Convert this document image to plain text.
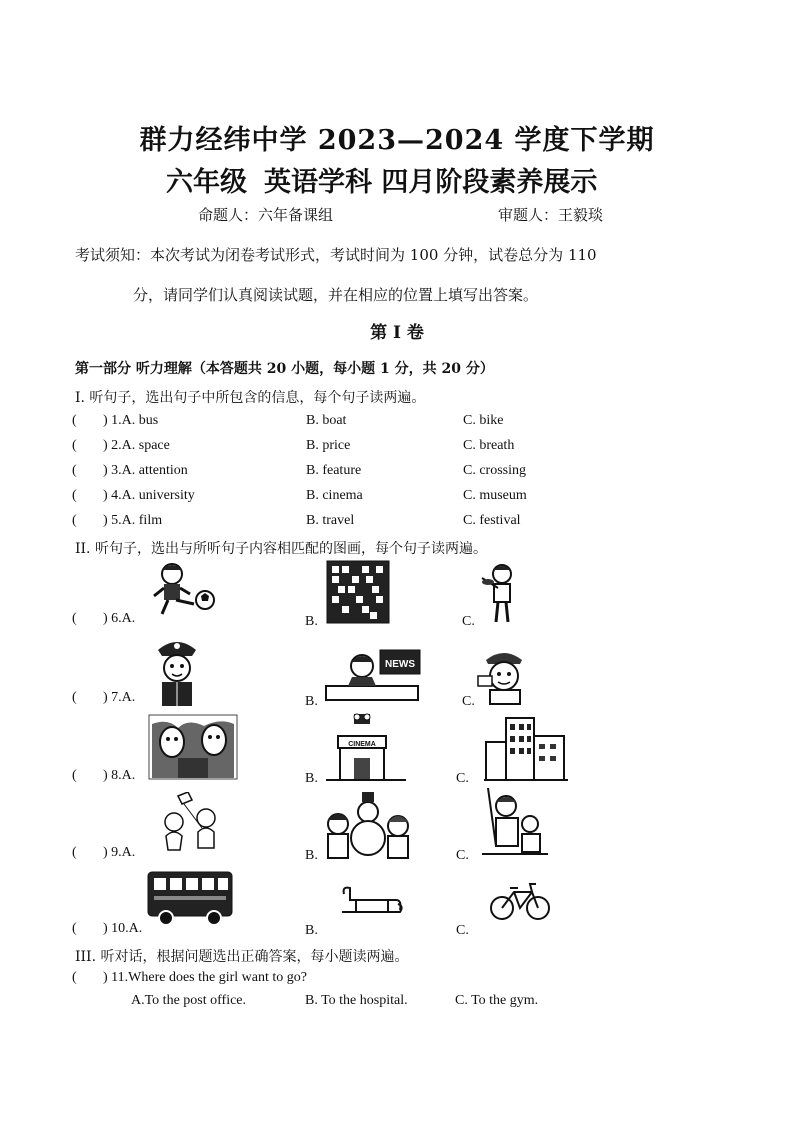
群力经纬中学 2023—2024 学度下学期
六年级 英语学科 四月阶段素养展示
命题人：六年备课组	审题人：王毅琰
考试须知：本次考试为闭卷考试形式，考试时间为 100 分钟，试卷总分为 110
分，请同学们认真阅读试题，并在相应的位置上填写出答案。
第 I 卷
第一部分 听力理解（本答题共 20 小题，每小题 1 分，共 20 分）
I. 听句子，选出句子中所包含的信息，每个句子读两遍。
( ) 1.A. bus	B. boat	C. bike
( ) 2.A. space	B. price	C. breath
( ) 3.A. attention	B. feature	C. crossing
( ) 4.A. university	B. cinema	C. museum
( ) 5.A. film	B. travel	C. festival
II. 听句子，选出与所听句子内容相匹配的图画，每个句子读两遍。
( ) 6.A.	B.	C.
( ) 7.A.	B.	C.
NEWS
( ) 8.A.	B.	C.
CINEMA
( ) 9.A.	B.	C.
( ) 10.A.	B.	C.
III. 听对话，根据问题选出正确答案，每小题读两遍。
( ) 11.Where does the girl want to go?
A.To the post office.	B. To the hospital.	C. To the gym.
